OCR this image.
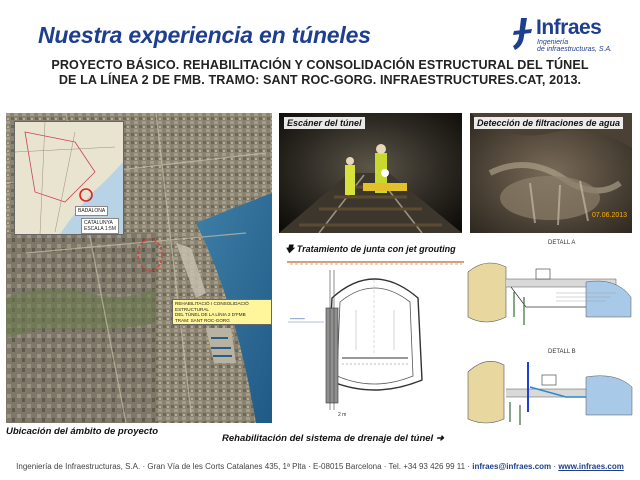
Nuestra experiencia en túneles	Infraes
Ingeniería
de infraestructuras, S.A.
PROYECTO BÁSICO. REHABILITACIÓN Y CONSOLIDACIÓN ESTRUCTURAL DEL TÚNEL
DE LA LÍNEA 2 DE FMB. TRAMO: SANT ROC-GORG. INFRAESTRUCTURES.CAT, 2013.
BADALONA
CATALUNYA
ESCALA 1:5M
REHABILITACIÓ I CONSOLIDACIÓ ESTRUCTURAL
DEL TÚNEL DE LA LÍNIA 2 D'FMB
TRAM: SANT ROC-GORG
Ubicación del ámbito de proyecto
Escáner del túnel	Detección de filtraciones de agua
07.06.2013
━━━━━━━
2 m
🡇 Tratamiento de junta con jet grouting
DETALL A
DETALL B
Rehabilitación del sistema de drenaje del túnel ➜
Ingeniería de Infraestructuras, S.A. · Gran Vía de les Corts Catalanes 435, 1ª Plta · E-08015 Barcelona · Tel. +34 93 426 99 11 · infraes@infraes.com · www.infraes.com
